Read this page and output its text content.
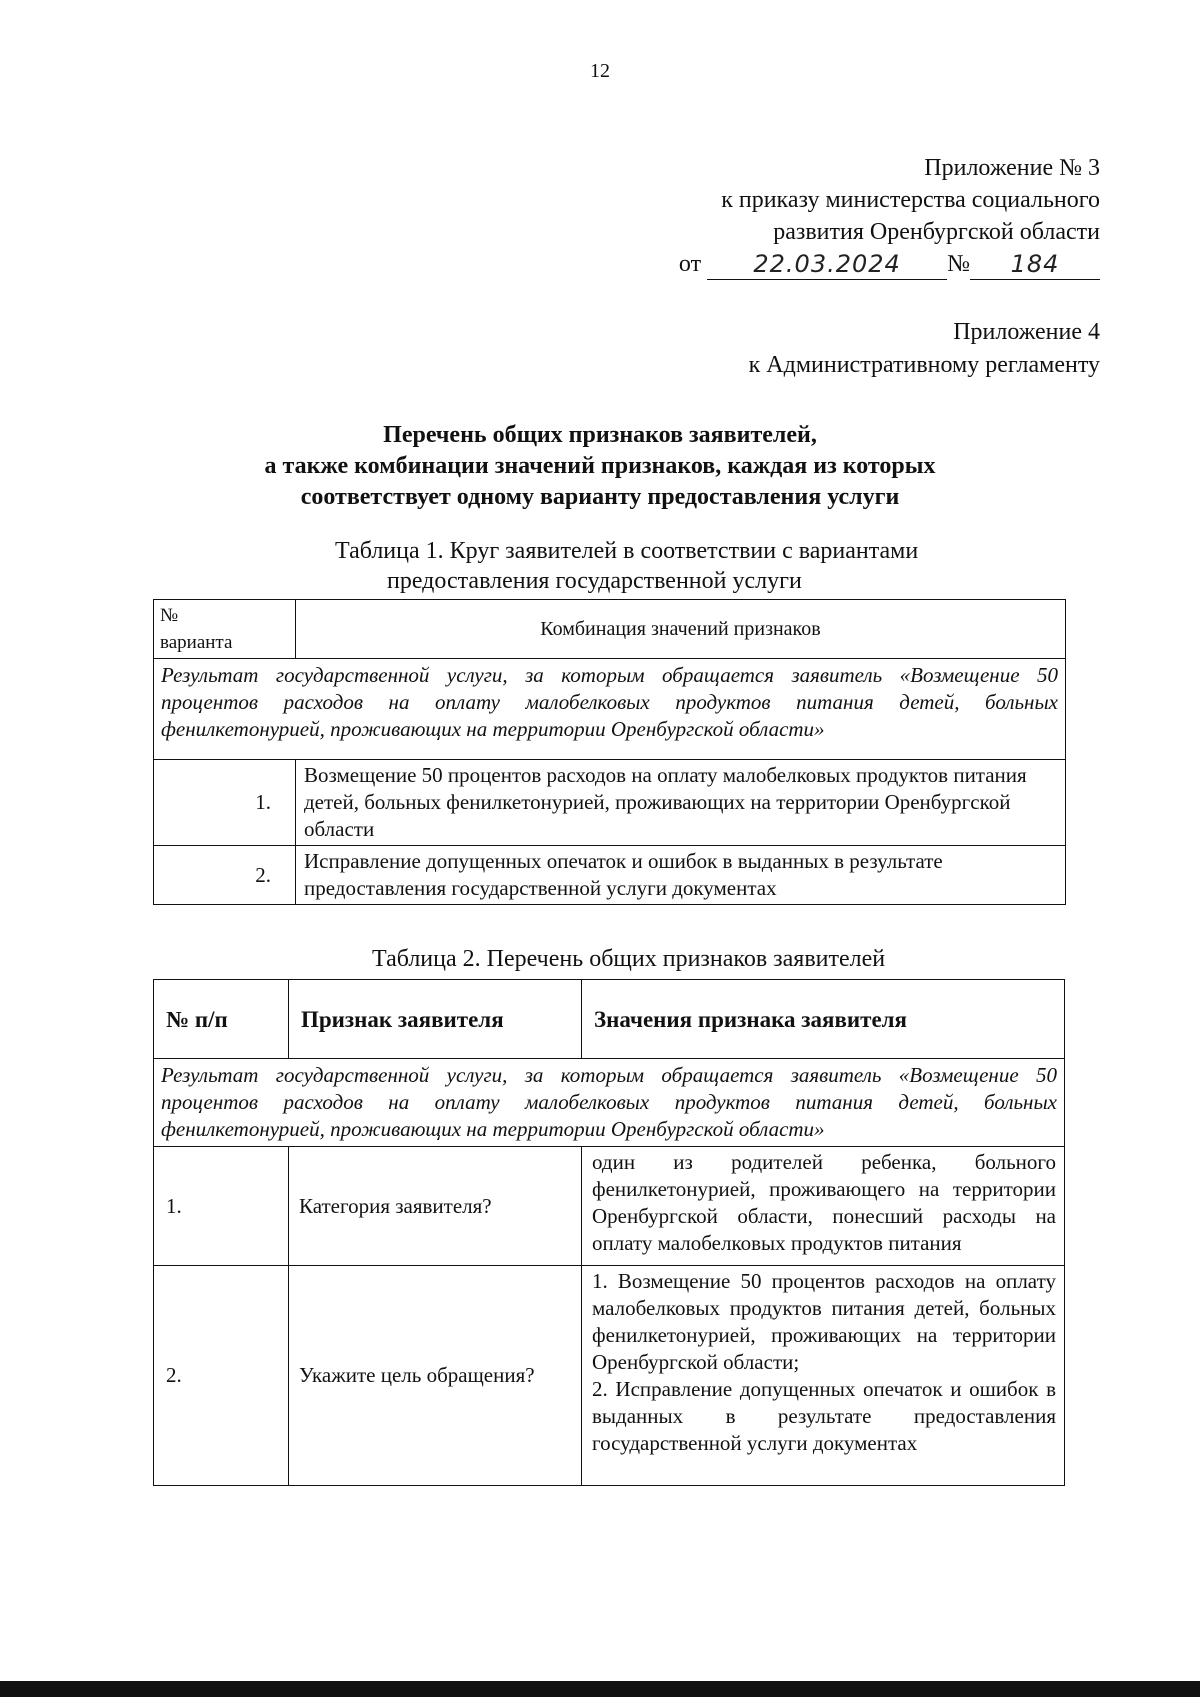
12
Приложение № 3
к приказу министерства социального
развития Оренбургской области
от	22.03.2024	№	184
Приложение 4
к Административному регламенту
Перечень общих признаков заявителей,
а также комбинации значений признаков, каждая из которых
соответствует одному варианту предоставления услуги
Таблица 1. Круг заявителей в соответствии с вариантами
предоставления государственной услуги
№
варианта	Комбинация значений признаков
Результат государственной услуги, за которым обращается заявитель «Возмещение 50 процентов расходов на оплату малобелковых продуктов питания детей, больных фенилкетонурией, проживающих на территории Оренбургской области»	
1.	Возмещение 50 процентов расходов на оплату малобелковых продуктов питания детей, больных фенилкетонурией, проживающих на территории Оренбургской области
2.	Исправление допущенных опечаток и ошибок в выданных в результате предоставления государственной услуги документах
Таблица 2. Перечень общих признаков заявителей
№ п/п	Признак заявителя	Значения признака заявителя
Результат государственной услуги, за которым обращается заявитель «Возмещение 50 процентов расходов на оплату малобелковых продуктов питания детей, больных фенилкетонурией, проживающих на территории Оренбургской области»		
1.	Категория заявителя?	один из родителей ребенка, больного фенилкетонурией, проживающего на территории Оренбургской области, понесший расходы на оплату малобелковых продуктов питания

2.	Укажите цель обращения?	1. Возмещение 50 процентов расходов на оплату малобелковых продуктов питания детей, больных фенилкетонурией, проживающих на территории Оренбургской области;
2. Исправление допущенных опечаток и ошибок в выданных в результате предоставления государственной услуги документах
